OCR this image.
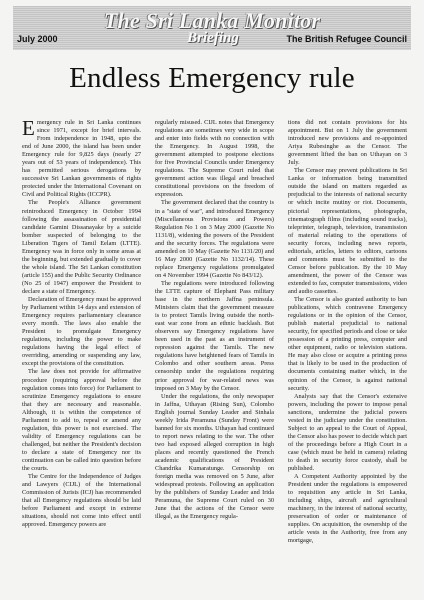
The Sri Lanka Monitor
July 2000	Briefing	The British Refugee Council
Endless Emergency rule

Emergency rule in Sri Lanka continues since 1971, except for brief intervals. From independence in 1948, upto the end of June 2000, the island has been under Emergency rule for 9,825 days (nearly 27 years out of 53 years of independence). This has permitted serious derogations by successive Sri Lankan governments of rights protected under the International Covenant on Civil and Political Rights (ICCPR).

The People's Alliance government reintroduced Emergency in October 1994 following the assassination of presidential candidate Gamini Dissanayake by a suicide bomber suspected of belonging to the Liberation Tigers of Tamil Eelam (LTTE). Emergency was in force only in some areas at the beginning, but extended gradually to cover the whole island. The Sri Lankan constitution (article 155) and the Public Security Ordinance (No 25 of 1947) empower the President to declare a state of Emergency.

Declaration of Emergency must be approved by Parliament within 14 days and extension of Emergency requires parliamentary clearance every month. The laws also enable the President to promulgate Emergency regulations, including the power to make regulations having the legal effect of overriding, amending or suspending any law, except the provisions of the constitution.

The law does not provide for affirmative procedure (requiring approval before the regulation comes into force) for Parliament to scrutinize Emergency regulations to ensure that they are necessary and reasonable. Although, it is within the competence of Parliament to add to, repeal or amend any regulation, this power is not exercised. The validity of Emergency regulations can be challenged, but neither the President's decision to declare a state of Emergency nor its continuation can be called into question before the courts.

The Centre for the Independence of Judges and Lawyers (CIJL) of the International Commission of Jurists (ICJ) has recommended that all Emergency regulations should be laid before Parliament and except in extreme situations, should not come into effect until approved. Emergency powers are

regularly misused. CIJL notes that Emergency regulations are sometimes very wide in scope and enter into fields with no connection with the Emergency. In August 1998, the government attempted to postpone elections for five Provincial Councils under Emergency regulations. The Supreme Court ruled that government action was illegal and breached constitutional provisions on the freedom of expression.

The government declared that the country is in a "state of war", and introduced Emergency (Miscellaneous Provisions and Powers) Regulation No 1 on 3 May 2000 (Gazette No 1131/8), widening the powers of the President and the security forces. The regulations were amended on 10 May (Gazette No 1131/20) and 16 May 2000 (Gazette No 1132/14). These replace Emergency regulations promulgated on 4 November 1994 (Gazette No 843/12).

The regulations were introduced following the LTTE capture of Elephant Pass military base in the northern Jaffna peninsula. Ministers claim that the government measure is to protect Tamils living outside the north-east war zone from an ethnic backlash. But observers say Emergency regulations have been used in the past as an instrument of repression against the Tamils. The new regulations have heightened fears of Tamils in Colombo and other southern areas. Press censorship under the regulations requiring prior approval for war-related news was imposed on 3 May by the Censor.

Under the regulations, the only newspaper in Jaffna, Uthayan (Rising Sun), Colombo English journal Sunday Leader and Sinhala weekly Irida Peramuna (Sunday Front) were banned for six months. Uthayan had continued to report news relating to the war. The other two had exposed alleged corruption in high places and recently questioned the French academic qualifications of President Chandrika Kumaratunge. Censorship on foreign media was removed on 5 June, after widespread protests. Following an application by the publishers of Sunday Leader and Irida Peramuna, the Supreme Court ruled on 30 June that the actions of the Censor were illegal, as the Emergency regula-

tions did not contain provisions for his appointment. But on 1 July the government introduced new provisions and re-appointed Ariya Rubesinghe as the Censor. The government lifted the ban on Uthayan on 3 July.

The Censor may prevent publications in Sri Lanka or information being transmitted outside the island on matters regarded as prejudicial to the interests of national security or which incite mutiny or riot. Documents, pictorial representations, photographs, cinematograph films (including sound tracks), teleprinter, telegraph, television, transmission of material relating to the operations of security forces, including news reports, editorials, articles, letters to editors, cartoons and comments must be submitted to the Censor before publication. By the 10 May amendment, the power of the Censor was extended to fax, computer transmissions, video and audio cassettes.

The Censor is also granted authority to ban publications, which contravene Emergency regulations or in the opinion of the Censor, publish material prejudicial to national security, for specified periods and close or take possession of a printing press, computer and other equipment, radio or television stations. He may also close or acquire a printing press that is likely to be used in the production of documents containing matter which, in the opinion of the Censor, is against national security.

Analysts say that the Censor's extensive powers, including the power to impose penal sanctions, undermine the judicial powers vested in the judiciary under the constitution. Subject to an appeal to the Court of Appeal, the Censor also has power to decide which part of the proceedings before a High Court in a case (which must be held in camera) relating to death in security force custody, shall be published.

A Competent Authority appointed by the President under the regulations is empowered to requisition any article in Sri Lanka, including ships, aircraft and agricultural machinery, in the interest of national security, preservation of order or maintenance of supplies. On acquisition, the ownership of the article vests in the Authority, free from any mortgage,
